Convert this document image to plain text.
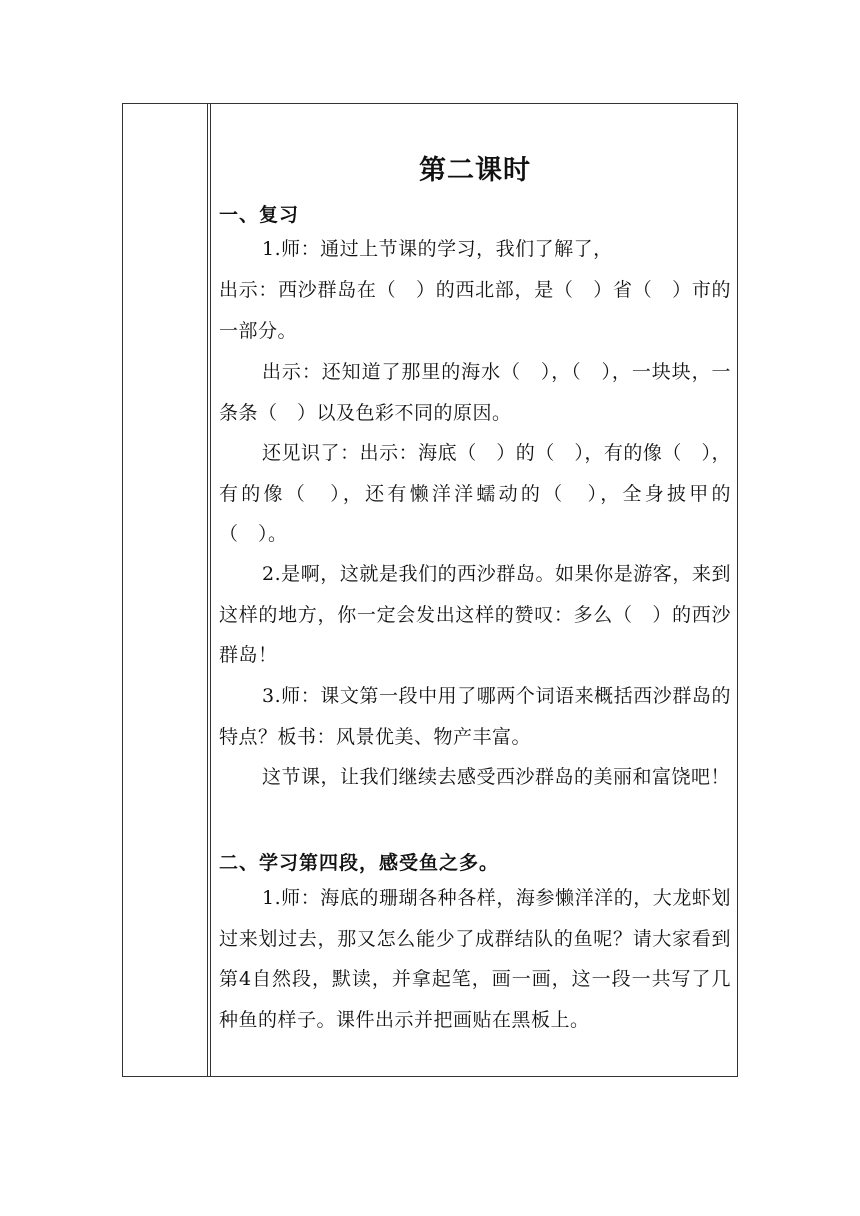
第二课时
一、复习
1.师：通过上节课的学习，我们了解了，
出示：西沙群岛在（　）的西北部，是（　）省（　）市的一部分。
出示：还知道了那里的海水（　），（　），一块块，一条条（　）以及色彩不同的原因。
还见识了：出示：海底（　）的（　），有的像（　），有的像（　），还有懒洋洋蠕动的（　），全身披甲的（　）。
2.是啊，这就是我们的西沙群岛。如果你是游客，来到这样的地方，你一定会发出这样的赞叹：多么（　）的西沙群岛！
3.师：课文第一段中用了哪两个词语来概括西沙群岛的特点？板书：风景优美、物产丰富。
这节课，让我们继续去感受西沙群岛的美丽和富饶吧！
二、学习第四段，感受鱼之多。
1.师：海底的珊瑚各种各样，海参懒洋洋的，大龙虾划过来划过去，那又怎么能少了成群结队的鱼呢？请大家看到第4自然段，默读，并拿起笔，画一画，这一段一共写了几种鱼的样子。课件出示并把画贴在黑板上。
